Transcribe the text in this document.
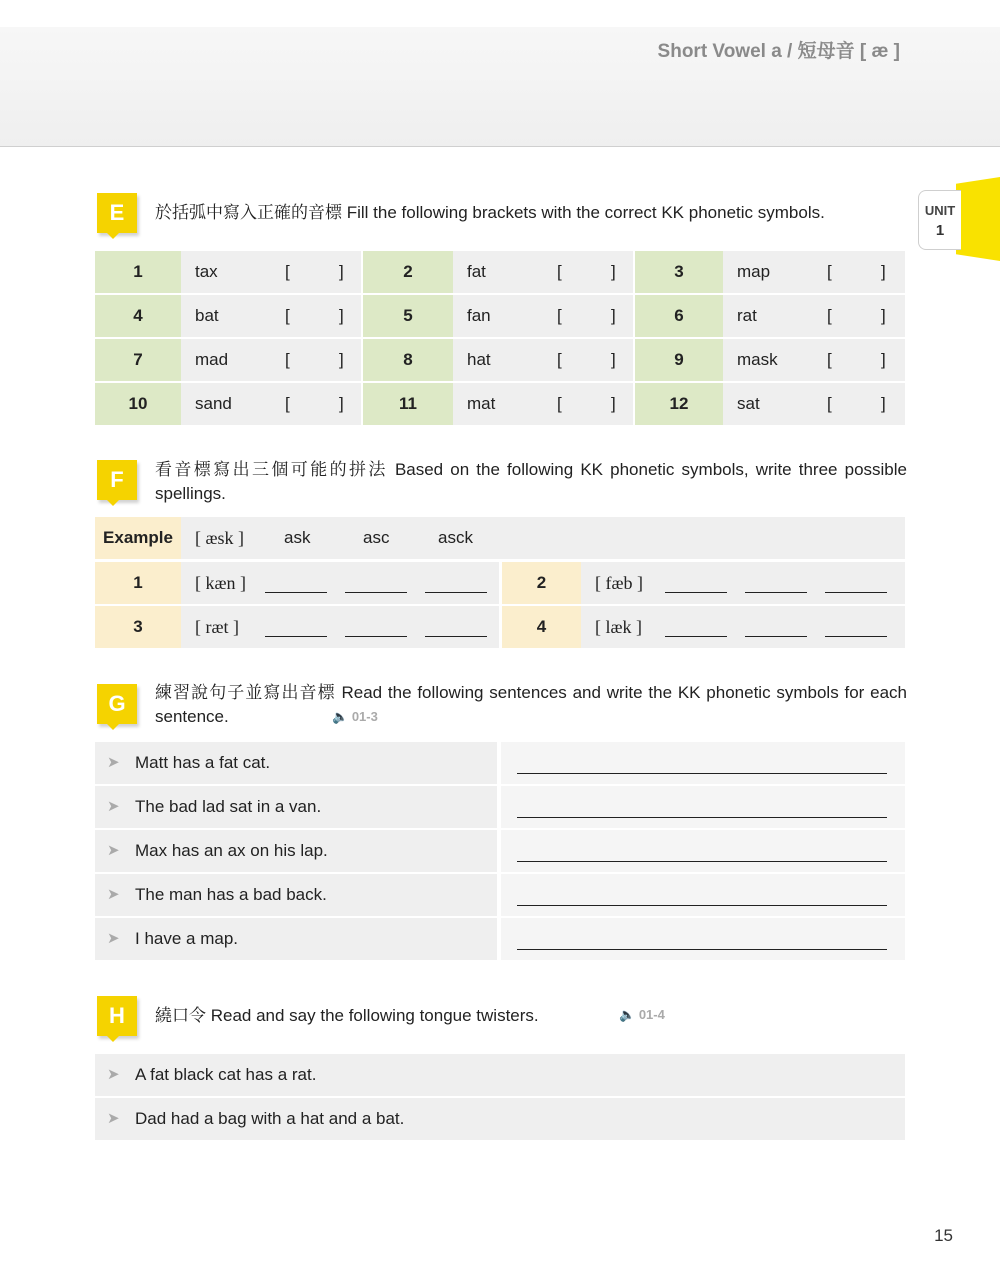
Short Vowel a / 短母音 [ æ ]
UNIT
1
E	於括弧中寫入正確的音標 Fill the following brackets with the correct KK phonetic symbols.
1	tax	[	]	2	fat	[	]	3	map	[	]
4	bat	[	]	5	fan	[	]	6	rat	[	]
7	mad	[	]	8	hat	[	]	9	mask	[	]
10	sand	[	]	11	mat	[	]	12	sat	[	]
F	看音標寫出三個可能的拼法 Based on the following KK phonetic symbols, write three possible spellings.
Example	[ æsk ] ask	asc	asck
1	[ kæn ]	2	[ fæb ]
3	[ ræt ]	4	[ læk ]
G	練習說句子並寫出音標 Read the following sentences and write the KK phonetic symbols for each sentence.	🔈 01-3
➤ Matt has a fat cat.
➤ The bad lad sat in a van.
➤ Max has an ax on his lap.
➤ The man has a bad back.
➤ I have a map.
H	繞口令 Read and say the following tongue twisters.	🔈 01-4
➤ A fat black cat has a rat.
➤ Dad had a bag with a hat and a bat.
15
